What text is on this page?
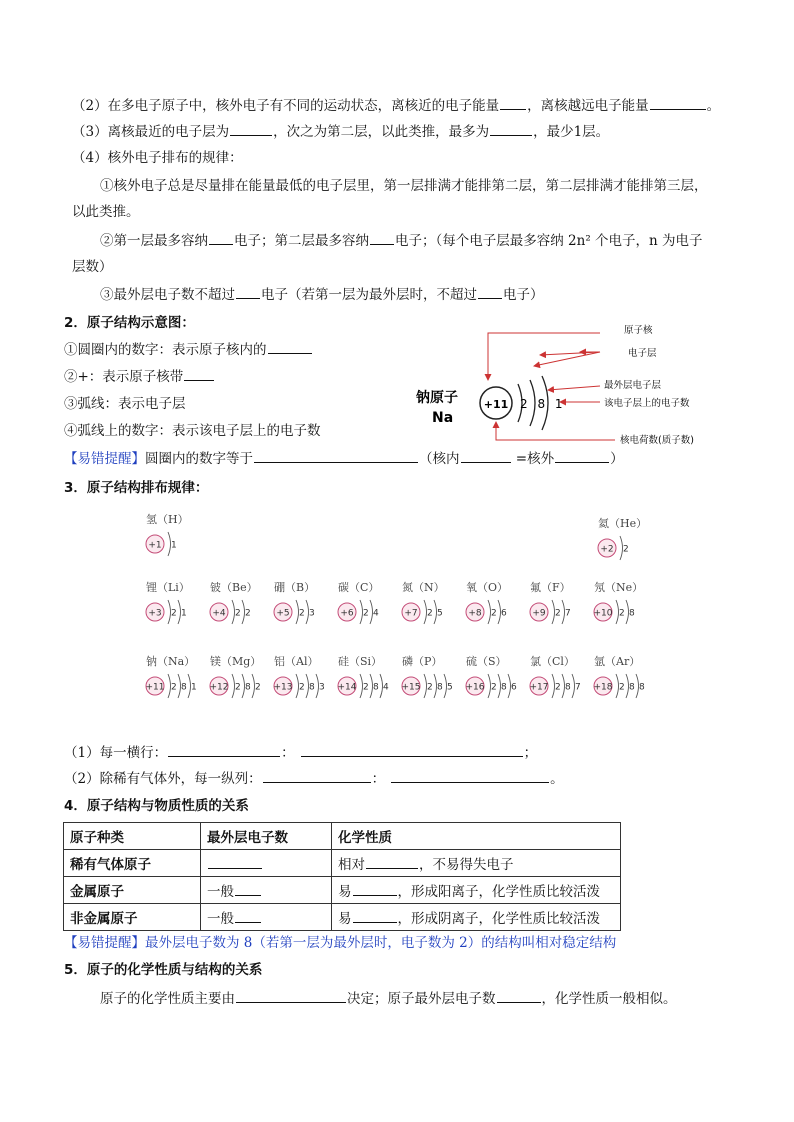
（2）在多电子原子中，核外电子有不同的运动状态，离核近的电子能量 ，离核越远电子能量	。
（3）离核最近的电子层为	，次之为第二层，以此类推，最多为	，最少1层。
（4）核外电子排布的规律：
①核外电子总是尽量排在能量最低的电子层里，第一层排满才能排第二层，第二层排满才能排第三层，
以此类推。
②第一层最多容纳 电子；第二层最多容纳 电子；（每个电子层最多容纳 2n² 个电子，n 为电子
层数）
③最外层电子数不超过 电子（若第一层为最外层时，不超过 电子）
2．原子结构示意图：
①圆圈内的数字：表示原子核内的
②+：表示原子核带
③弧线：表示电子层
④弧线上的数字：表示该电子层上的电子数
【易错提醒】圆圈内的数字等于	（核内	=核外	）
钠原子
Na
+11 2 8 1
原子核
电子层
最外层电子层
该电子层上的电子数
核电荷数(质子数)
3．原子结构排布规律：
氢（H）
+1 1
氦（He）
+2 2
锂（Li）
+3 2 1
铍（Be）
+4 2 2
硼（B）
+5 2 3
碳（C）
+6 2 4
氮（N）
+7 2 5
氧（O）
+8 2 6
氟（F）
+9 2 7
氖（Ne）
+10 2 8
钠（Na）
+11 2 8 1
镁（Mg）
+12 2 8 2
铝（Al）
+13 2 8 3
硅（Si）
+14 2 8 4
磷（P）
+15 2 8 5
硫（S）
+16 2 8 6
氯（Cl）
+17 2 8 7
氩（Ar）
+18 2 8 8
（1）每一横行：	：	；
（2）除稀有气体外，每一纵列：	：	。
4．原子结构与物质性质的关系
原子种类	最外层电子数	化学性质
稀有气体原子		相对 ，不易得失电子
金属原子	一般	易 ，形成阳离子，化学性质比较活泼
非金属原子	一般	易 ，形成阴离子，化学性质比较活泼
【易错提醒】最外层电子数为 8（若第一层为最外层时，电子数为 2）的结构叫相对稳定结构
5．原子的化学性质与结构的关系
原子的化学性质主要由	决定；原子最外层电子数	，化学性质一般相似。
